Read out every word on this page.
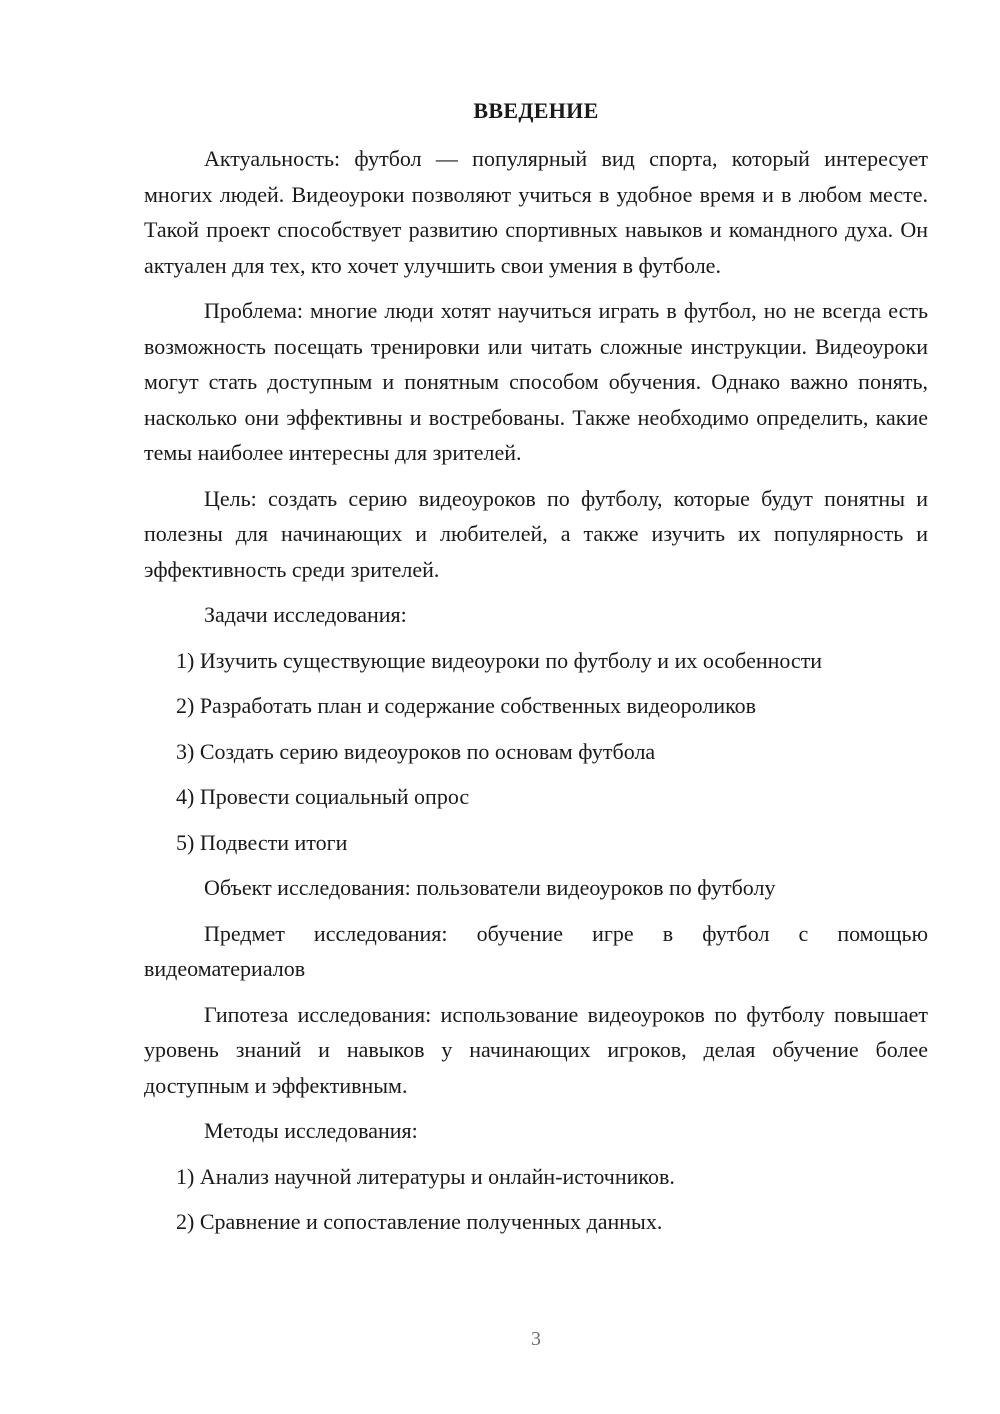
ВВЕДЕНИЕ

Актуальность: футбол — популярный вид спорта, который интересует многих людей. Видеоуроки позволяют учиться в удобное время и в любом месте. Такой проект способствует развитию спортивных навыков и командного духа. Он актуален для тех, кто хочет улучшить свои умения в футболе.

Проблема: многие люди хотят научиться играть в футбол, но не всегда есть возможность посещать тренировки или читать сложные инструкции. Видеоуроки могут стать доступным и понятным способом обучения. Однако важно понять, насколько они эффективны и востребованы. Также необходимо определить, какие темы наиболее интересны для зрителей.

Цель: создать серию видеоуроков по футболу, которые будут понятны и полезны для начинающих и любителей, а также изучить их популярность и эффективность среди зрителей.

Задачи исследования:

1) Изучить существующие видеоуроки по футболу и их особенности

2) Разработать план и содержание собственных видеороликов

3) Создать серию видеоуроков по основам футбола

4) Провести социальный опрос

5) Подвести итоги

Объект исследования: пользователи видеоуроков по футболу

Предмет исследования: обучение игре в футбол с помощью видеоматериалов

Гипотеза исследования: использование видеоуроков по футболу повышает уровень знаний и навыков у начинающих игроков, делая обучение более доступным и эффективным.

Методы исследования:

1) Анализ научной литературы и онлайн-источников.

2) Сравнение и сопоставление полученных данных.

3
